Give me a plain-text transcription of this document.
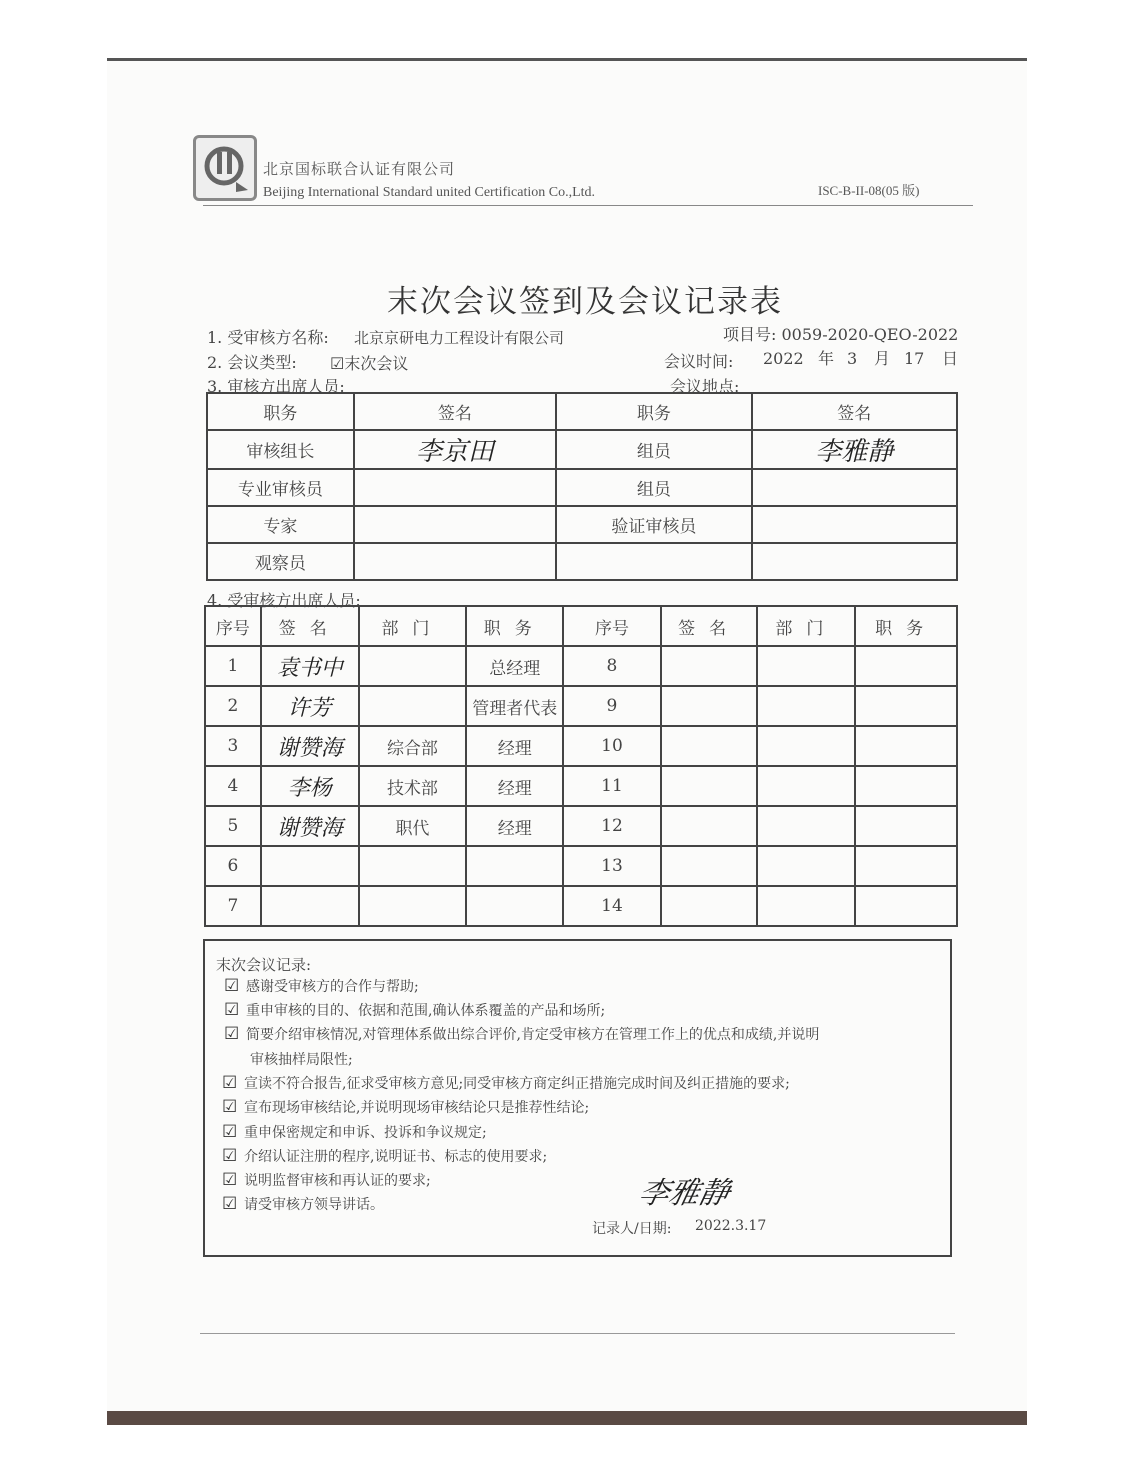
北京国标联合认证有限公司
Beijing International Standard united Certification Co.,Ltd.	ISC-B-II-08(05 版)
末次会议签到及会议记录表
1. 受审核方名称: 北京京研电力工程设计有限公司	项目号: 0059-2020-QEO-2022
2. 会议类型: ☑末次会议	会议时间: 2022 年 3 月 17 日
3. 审核方出席人员:	会议地点:
职务	签名	职务	签名
审核组长	李京田	组员	李雅静
专业审核员		组员	
专家		验证审核员	
观察员			
4. 受审核方出席人员:
序号	签名	部门	职务	序号	签名	部门	职务
1	袁书中		总经理	8			
2	许芳		管理者代表	9			
3	谢赞海	综合部	经理	10			
4	李杨	技术部	经理	11			
5	谢赞海	职代	经理	12			
6				13			
7				14			
末次会议记录:
☑ 感谢受审核方的合作与帮助;
☑ 重申审核的目的、依据和范围,确认体系覆盖的产品和场所;
☑ 简要介绍审核情况,对管理体系做出综合评价,肯定受审核方在管理工作上的优点和成绩,并说明
审核抽样局限性;
☑ 宣读不符合报告,征求受审核方意见;同受审核方商定纠正措施完成时间及纠正措施的要求;
☑ 宣布现场审核结论,并说明现场审核结论只是推荐性结论;
☑ 重申保密规定和申诉、投诉和争议规定;
☑ 介绍认证注册的程序,说明证书、标志的使用要求;
☑ 说明监督审核和再认证的要求;
☑ 请受审核方领导讲话。	李雅静
记录人/日期: 2022.3.17
